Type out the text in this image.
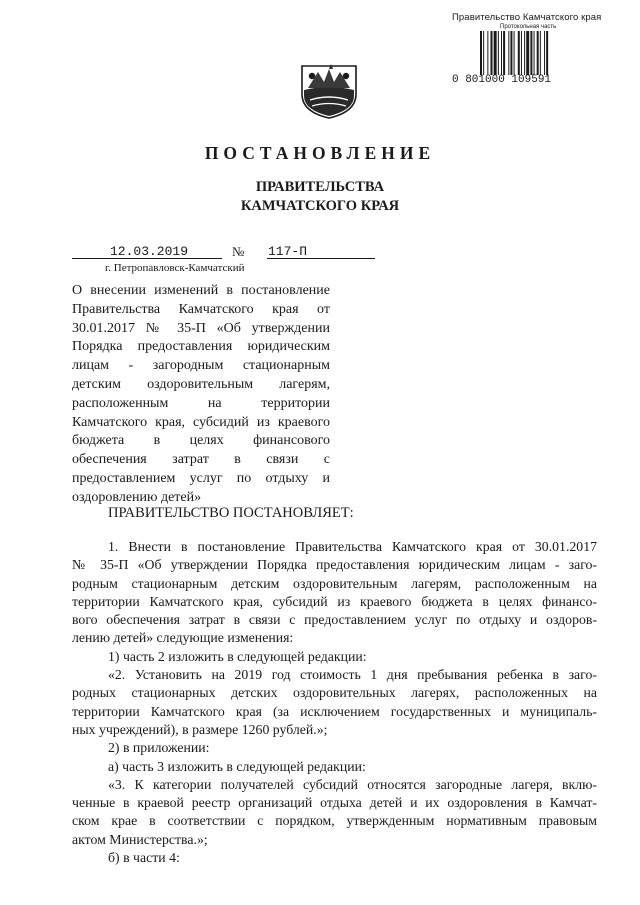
Правительство Камчатского края
Протокольная часть
0 801000 109591
ПОСТАНОВЛЕНИЕ
ПРАВИТЕЛЬСТВА
КАМЧАТСКОГО КРАЯ
12.03.2019	№ 117-П
г. Петропавловск-Камчатский
О внесении изменений в постановление
Правительства Камчатского края от
30.01.2017 № 35-П «Об утверждении
Порядка предоставления юридическим
лицам - загородным стационарным
детским оздоровительным лагерям,
расположенным на территории
Камчатского края, субсидий из краевого
бюджета в целях финансового
обеспечения затрат в связи с
предоставлением услуг по отдыху и
оздоровлению детей»
ПРАВИТЕЛЬСТВО ПОСТАНОВЛЯЕТ:
1. Внести в постановление Правительства Камчатского края от 30.01.2017
№ 35-П «Об утверждении Порядка предоставления юридическим лицам - заго-
родным стационарным детским оздоровительным лагерям, расположенным на
территории Камчатского края, субсидий из краевого бюджета в целях финансо-
вого обеспечения затрат в связи с предоставлением услуг по отдыху и оздоров-
лению детей» следующие изменения:
1) часть 2 изложить в следующей редакции:
«2. Установить на 2019 год стоимость 1 дня пребывания ребенка в заго-
родных стационарных детских оздоровительных лагерях, расположенных на
территории Камчатского края (за исключением государственных и муниципаль-
ных учреждений), в размере 1260 рублей.»;
2) в приложении:
а) часть 3 изложить в следующей редакции:
«3. К категории получателей субсидий относятся загородные лагеря, вклю-
ченные в краевой реестр организаций отдыха детей и их оздоровления в Камчат-
ском крае в соответствии с порядком, утвержденным нормативным правовым
актом Министерства.»;
б) в части 4:
